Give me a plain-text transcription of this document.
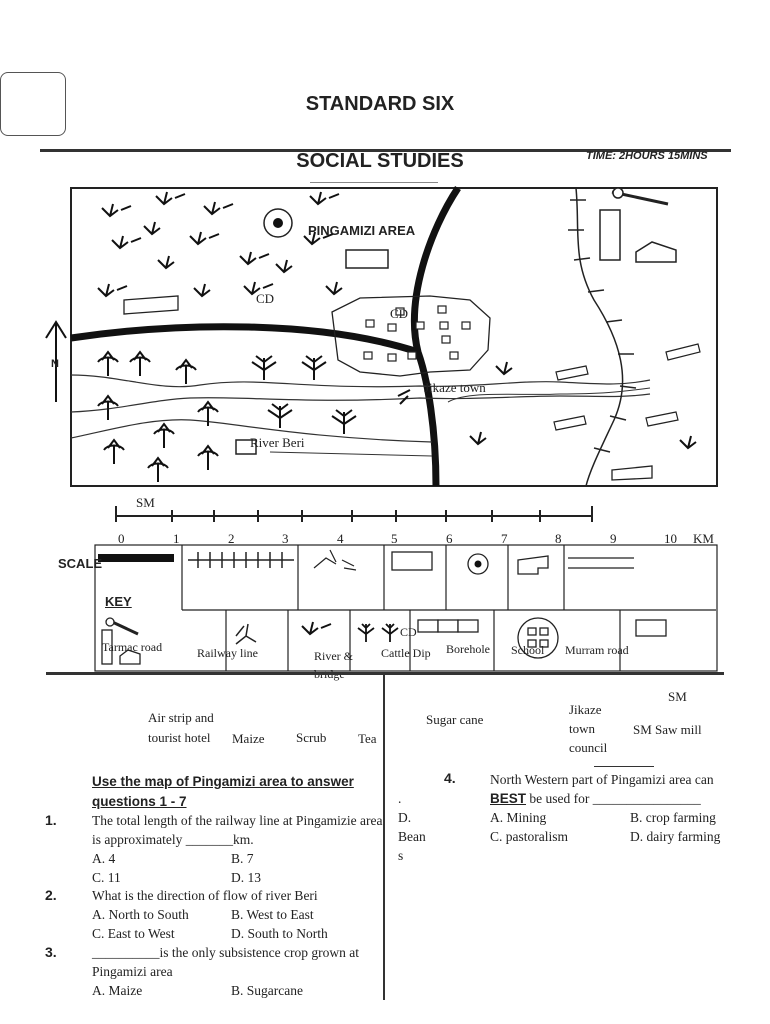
STANDARD SIX
SOCIAL STUDIES	TIME: 2HOURS 15MINS
PINGAMIZI AREA
CD
CD
Jikaze town
River Beri
N
SM
0	1	2	3	4	5	6	7	8	9	10 KM
SCALE
KEY
CD
Tarmac road	Railway line	River &	Cattle Dip Borehole School Murram road
Air strip and tourist hotel	Maize Scrub Tea
Sugar cane
Jikaze town council
SM
SM Saw mill
Use the map of Pingamizi area to answer questions 1 - 7
1.	The total length of the railway line at Pingamizie area is approximately _______km.
A. 4	B. 7
C. 11	D. 13
2.	What is the direction of flow of river Beri
A. North to South	B. West to East
C. East to West	D. South to North
3.	__________is the only subsistence crop grown at Pingamizi area
A. Maize	B. Sugarcane
.
D.
Bean
s
4.	North Western part of Pingamizi area can
BEST be used for ________________
A. Mining	B. crop farming
C. pastoralism	D. dairy farming
